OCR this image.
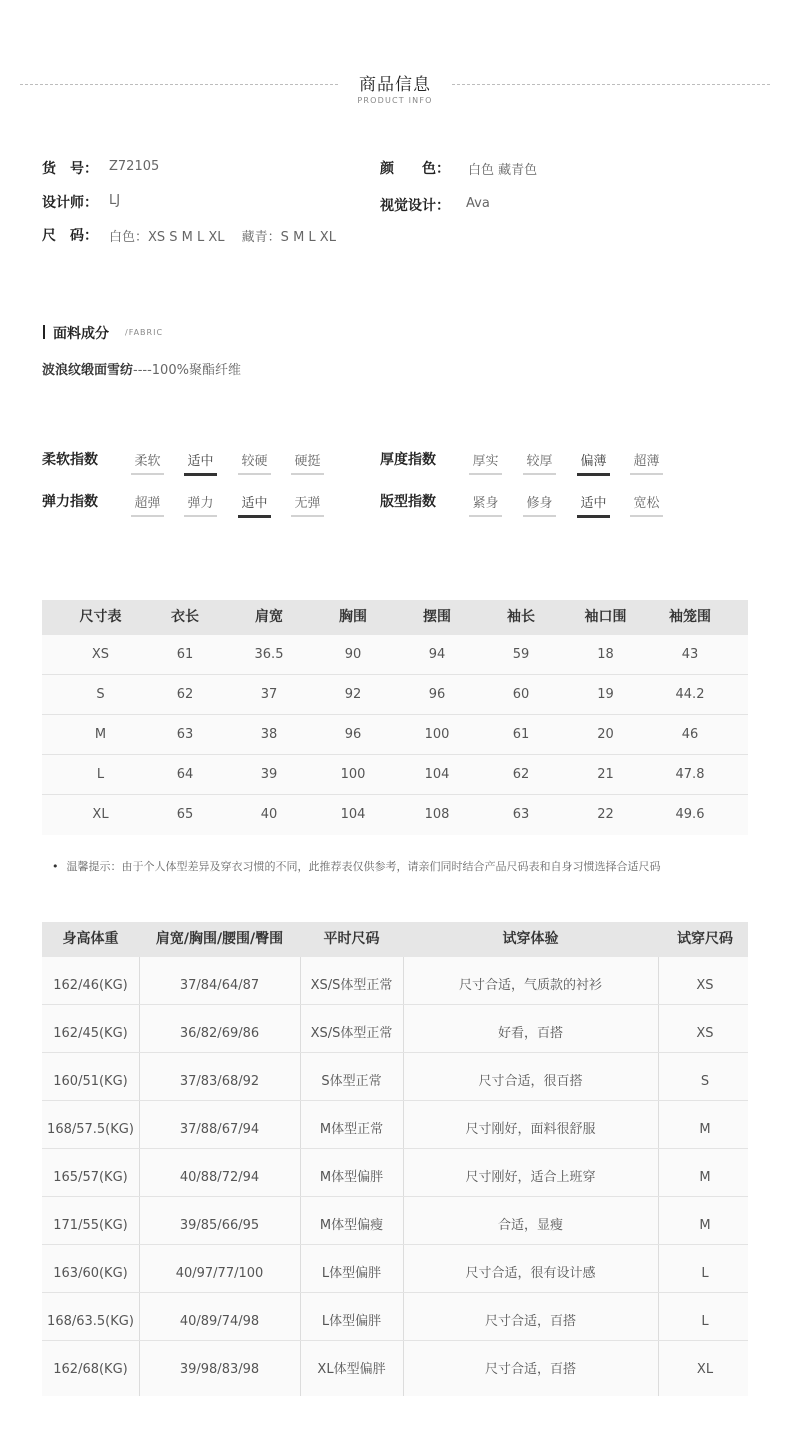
商品信息
PRODUCT INFO
货　号： Z72105	颜　　色： 白色 藏青色
设计师： LJ	视觉设计： Ava
尺　码： 白色：XS S M L XL　 藏青：S M L XL
面料成分 /FABRIC
波浪纹缎面雪纺----100%聚酯纤维
柔软指数	柔软 适中 较硬 硬挺	厚度指数	厚实 较厚 偏薄 超薄
弹力指数	超弹 弹力 适中 无弹	版型指数	紧身 修身 适中 宽松
尺寸表	衣长	肩宽	胸围	摆围	袖长	袖口围	袖笼围
XS	61	36.5	90	94	59	18	43
S	62	37	92	96	60	19	44.2
M	63	38	96	100	61	20	46
L	64	39	100	104	62	21	47.8
XL	65	40	104	108	63	22	49.6
• 温馨提示：由于个人体型差异及穿衣习惯的不同，此推荐表仅供参考，请亲们同时结合产品尺码表和自身习惯选择合适尺码
身高体重	肩宽/胸围/腰围/臀围	平时尺码	试穿体验	试穿尺码
162/46(KG)	37/84/64/87	XS/S体型正常	尺寸合适，气质款的衬衫	XS
162/45(KG)	36/82/69/86	XS/S体型正常	好看，百搭	XS
160/51(KG)	37/83/68/92	S体型正常	尺寸合适，很百搭	S
168/57.5(KG)	37/88/67/94	M体型正常	尺寸刚好，面料很舒服	M
165/57(KG)	40/88/72/94	M体型偏胖	尺寸刚好，适合上班穿	M
171/55(KG)	39/85/66/95	M体型偏瘦	合适，显瘦	M
163/60(KG)	40/97/77/100	L体型偏胖	尺寸合适，很有设计感	L
168/63.5(KG)	40/89/74/98	L体型偏胖	尺寸合适，百搭	L
162/68(KG)	39/98/83/98	XL体型偏胖	尺寸合适，百搭	XL
